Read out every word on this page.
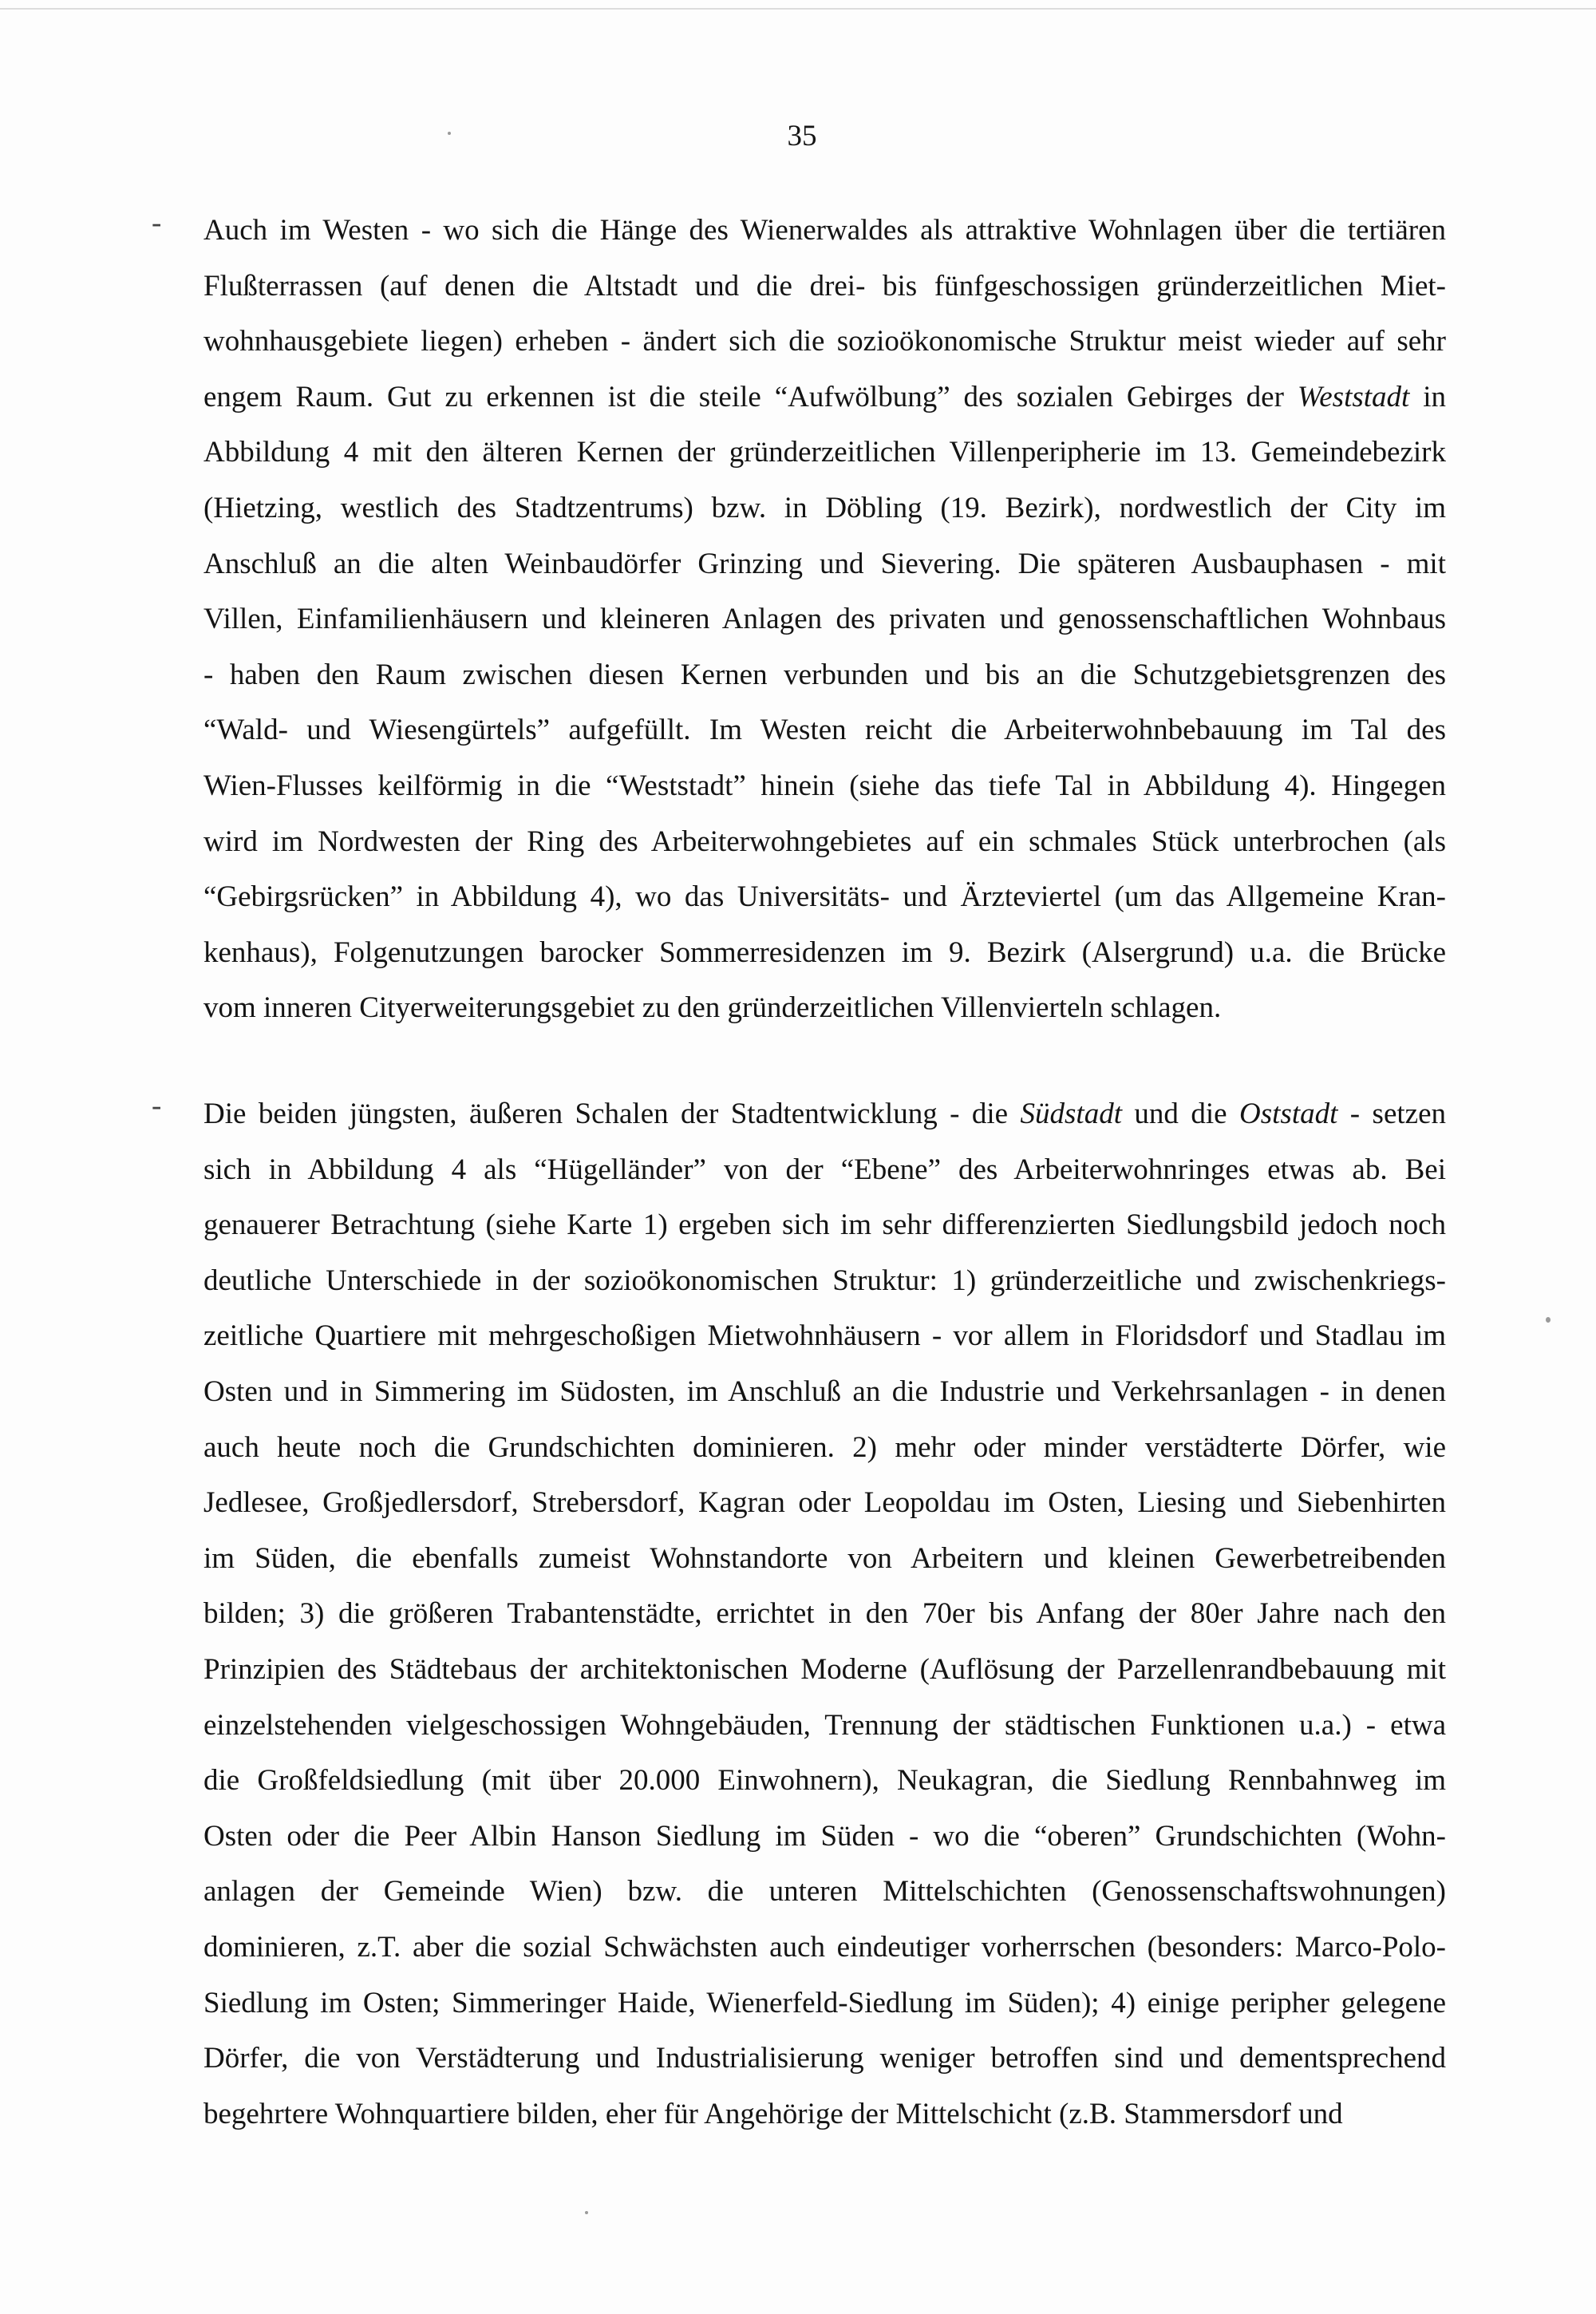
35
- Auch im Westen - wo sich die Hänge des Wienerwaldes als attraktive Wohnlagen über die tertiären
Flußterrassen (auf denen die Altstadt und die drei- bis fünfgeschossigen gründerzeitlichen Miet-
wohnhausgebiete liegen) erheben - ändert sich die sozioökonomische Struktur meist wieder auf sehr
engem Raum. Gut zu erkennen ist die steile “Aufwölbung” des sozialen Gebirges der Weststadt in
Abbildung 4 mit den älteren Kernen der gründerzeitlichen Villenperipherie im 13. Gemeindebezirk
(Hietzing, westlich des Stadtzentrums) bzw. in Döbling (19. Bezirk), nordwestlich der City im
Anschluß an die alten Weinbaudörfer Grinzing und Sievering. Die späteren Ausbauphasen - mit
Villen, Einfamilienhäusern und kleineren Anlagen des privaten und genossenschaftlichen Wohnbaus
- haben den Raum zwischen diesen Kernen verbunden und bis an die Schutzgebietsgrenzen des
“Wald- und Wiesengürtels” aufgefüllt. Im Westen reicht die Arbeiterwohnbebauung im Tal des
Wien-Flusses keilförmig in die “Weststadt” hinein (siehe das tiefe Tal in Abbildung 4). Hingegen
wird im Nordwesten der Ring des Arbeiterwohngebietes auf ein schmales Stück unterbrochen (als
“Gebirgsrücken” in Abbildung 4), wo das Universitäts- und Ärzteviertel (um das Allgemeine Kran-
kenhaus), Folgenutzungen barocker Sommerresidenzen im 9. Bezirk (Alsergrund) u.a. die Brücke
vom inneren Cityerweiterungsgebiet zu den gründerzeitlichen Villenvierteln schlagen.
- Die beiden jüngsten, äußeren Schalen der Stadtentwicklung - die Südstadt und die Oststadt - setzen
sich in Abbildung 4 als “Hügelländer” von der “Ebene” des Arbeiterwohnringes etwas ab. Bei
genauerer Betrachtung (siehe Karte 1) ergeben sich im sehr differenzierten Siedlungsbild jedoch noch
deutliche Unterschiede in der sozioökonomischen Struktur: 1) gründerzeitliche und zwischenkriegs-
zeitliche Quartiere mit mehrgeschoßigen Mietwohnhäusern - vor allem in Floridsdorf und Stadlau im
Osten und in Simmering im Südosten, im Anschluß an die Industrie und Verkehrsanlagen - in denen
auch heute noch die Grundschichten dominieren. 2) mehr oder minder verstädterte Dörfer, wie
Jedlesee, Großjedlersdorf, Strebersdorf, Kagran oder Leopoldau im Osten, Liesing und Siebenhirten
im Süden, die ebenfalls zumeist Wohnstandorte von Arbeitern und kleinen Gewerbetreibenden
bilden; 3) die größeren Trabantenstädte, errichtet in den 70er bis Anfang der 80er Jahre nach den
Prinzipien des Städtebaus der architektonischen Moderne (Auflösung der Parzellenrandbebauung mit
einzelstehenden vielgeschossigen Wohngebäuden, Trennung der städtischen Funktionen u.a.) - etwa
die Großfeldsiedlung (mit über 20.000 Einwohnern), Neukagran, die Siedlung Rennbahnweg im
Osten oder die Peer Albin Hanson Siedlung im Süden - wo die “oberen” Grundschichten (Wohn-
anlagen der Gemeinde Wien) bzw. die unteren Mittelschichten (Genossenschaftswohnungen)
dominieren, z.T. aber die sozial Schwächsten auch eindeutiger vorherrschen (besonders: Marco-Polo-
Siedlung im Osten; Simmeringer Haide, Wienerfeld-Siedlung im Süden); 4) einige peripher gelegene
Dörfer, die von Verstädterung und Industrialisierung weniger betroffen sind und dementsprechend
begehrtere Wohnquartiere bilden, eher für Angehörige der Mittelschicht (z.B. Stammersdorf und
